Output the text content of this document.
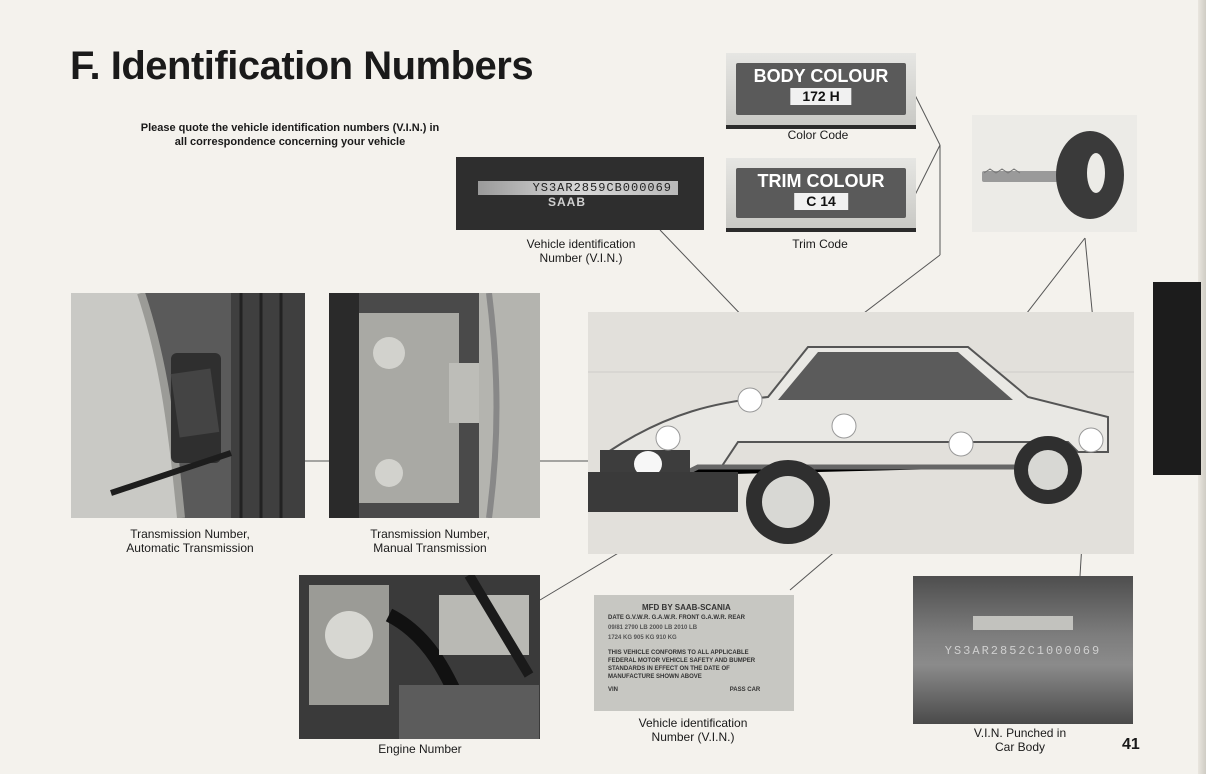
F. Identification Numbers
Please quote the vehicle identification numbers (V.I.N.) in
all correspondence concerning your vehicle
BODY COLOUR
172 H
Color Code
TRIM COLOUR
C 14
Trim Code
YS3AR2859CB000069
SAAB
Vehicle identification
Number (V.I.N.)
Transmission Number,
Automatic Transmission
Transmission Number,
Manual Transmission
Engine Number
MFD BY SAAB-SCANIA
DATE G.V.W.R. G.A.W.R. FRONT G.A.W.R. REAR
09/81 2790 LB 2000 LB 2010 LB
1724 KG 905 KG 910 KG
THIS VEHICLE CONFORMS TO ALL APPLICABLE
FEDERAL MOTOR VEHICLE SAFETY AND BUMPER
STANDARDS IN EFFECT ON THE DATE OF
MANUFACTURE SHOWN ABOVE
VIN	PASS CAR
Vehicle identification
Number (V.I.N.)
YS3AR2852C1000069
V.I.N. Punched in
Car Body	41
